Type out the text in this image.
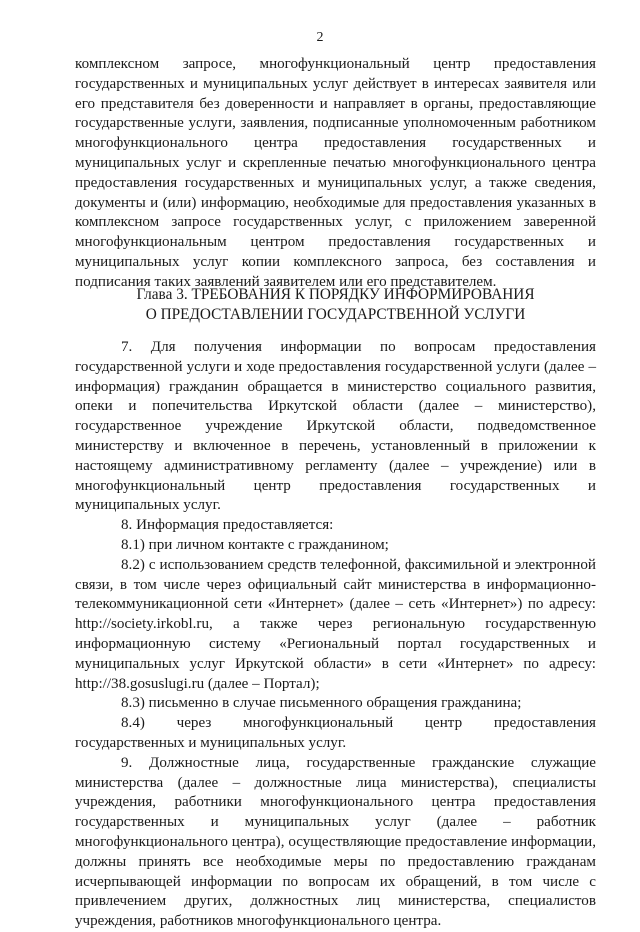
2

комплексном запросе, многофункциональный центр предоставления государственных и муниципальных услуг действует в интересах заявителя или его представителя без доверенности и направляет в органы, предоставляющие государственные услуги, заявления, подписанные уполномоченным работником многофункционального центра предоставления государственных и муниципальных услуг и скрепленные печатью многофункционального центра предоставления государственных и муниципальных услуг, а также сведения, документы и (или) информацию, необходимые для предоставления указанных в комплексном запросе государственных услуг, с приложением заверенной многофункциональным центром предоставления государственных и муниципальных услуг копии комплексного запроса, без составления и подписания таких заявлений заявителем или его представителем.

Глава 3. ТРЕБОВАНИЯ К ПОРЯДКУ ИНФОРМИРОВАНИЯ
О ПРЕДОСТАВЛЕНИИ ГОСУДАРСТВЕННОЙ УСЛУГИ

7. Для получения информации по вопросам предоставления государственной услуги и ходе предоставления государственной услуги (далее – информация) гражданин обращается в министерство социального развития, опеки и попечительства Иркутской области (далее – министерство), государственное учреждение Иркутской области, подведомственное министерству и включенное в перечень, установленный в приложении к настоящему административному регламенту (далее – учреждение) или в многофункциональный центр предоставления государственных и муниципальных услуг.

8. Информация предоставляется:

8.1) при личном контакте с гражданином;

8.2) с использованием средств телефонной, факсимильной и электронной связи, в том числе через официальный сайт министерства в информационно-телекоммуникационной сети «Интернет» (далее – сеть «Интернет») по адресу: http://society.irkobl.ru, а также через региональную государственную информационную систему «Региональный портал государственных и муниципальных услуг Иркутской области» в сети «Интернет» по адресу: http://38.gosuslugi.ru (далее – Портал);

8.3) письменно в случае письменного обращения гражданина;

8.4) через многофункциональный центр предоставления государственных и муниципальных услуг.

9. Должностные лица, государственные гражданские служащие министерства (далее – должностные лица министерства), специалисты учреждения, работники многофункционального центра предоставления государственных и муниципальных услуг (далее – работник многофункционального центра), осуществляющие предоставление информации, должны принять все необходимые меры по предоставлению гражданам исчерпывающей информации по вопросам их обращений, в том числе с привлечением других, должностных лиц министерства, специалистов учреждения, работников многофункционального центра.
